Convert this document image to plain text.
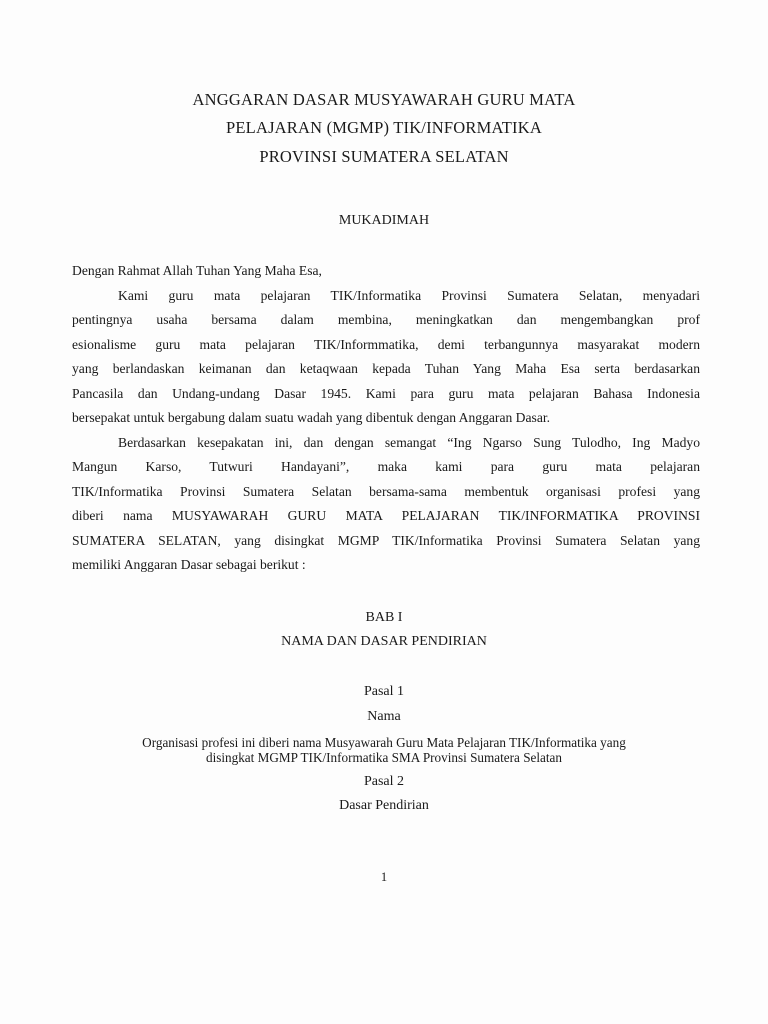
ANGGARAN DASAR MUSYAWARAH GURU MATA
PELAJARAN (MGMP) TIK/INFORMATIKA
PROVINSI SUMATERA SELATAN
MUKADIMAH
Dengan Rahmat Allah Tuhan Yang Maha Esa,
Kami guru mata pelajaran TIK/Informatika Provinsi Sumatera Selatan, menyadari
pentingnya usaha bersama dalam membina, meningkatkan dan mengembangkan prof
esionalisme guru mata pelajaran TIK/Informmatika, demi terbangunnya masyarakat modern
yang berlandaskan keimanan dan ketaqwaan kepada Tuhan Yang Maha Esa serta berdasarkan
Pancasila dan Undang-undang Dasar 1945. Kami para guru mata pelajaran Bahasa Indonesia
bersepakat untuk bergabung dalam suatu wadah yang dibentuk dengan Anggaran Dasar.
Berdasarkan kesepakatan ini, dan dengan semangat “Ing Ngarso Sung Tulodho, Ing Madyo
Mangun Karso, Tutwuri Handayani”, maka kami para guru mata pelajaran
TIK/Informatika Provinsi Sumatera Selatan bersama-sama membentuk organisasi profesi yang
diberi nama MUSYAWARAH GURU MATA PELAJARAN TIK/INFORMATIKA PROVINSI
SUMATERA SELATAN, yang disingkat MGMP TIK/Informatika Provinsi Sumatera Selatan yang
memiliki Anggaran Dasar sebagai berikut :
BAB I
NAMA DAN DASAR PENDIRIAN
Pasal 1
Nama
Organisasi profesi ini diberi nama Musyawarah Guru Mata Pelajaran TIK/Informatika yang
disingkat MGMP TIK/Informatika SMA Provinsi Sumatera Selatan
Pasal 2
Dasar Pendirian
1
